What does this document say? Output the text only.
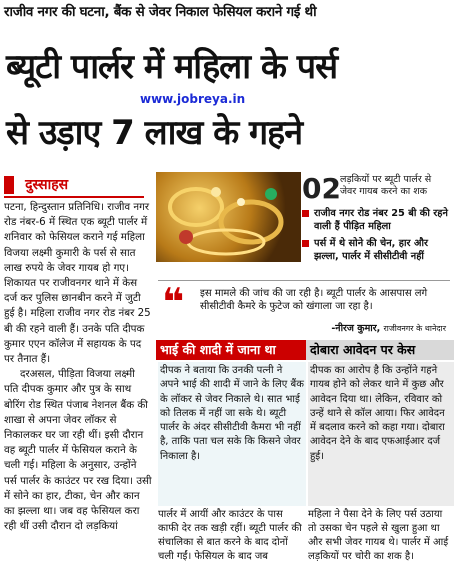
राजीव नगर की घटना, बैंक से जेवर निकाल फेसियल कराने गई थी
ब्यूटी पार्लर में महिला के पर्स
www.jobreya.in
से उड़ाए 7 लाख के गहने
दुस्साहस

पटना, हिन्दुस्तान प्रतिनिधि। राजीव नगर रोड नंबर-6 में स्थित एक ब्यूटी पार्लर में शनिवार को फेसियल कराने गई महिला विजया लक्ष्मी कुमारी के पर्स से सात लाख रुपये के जेवर गायब हो गए। शिकायत पर राजीवनगर थाने में केस दर्ज कर पुलिस छानबीन करने में जुटी हुई है। महिला राजीव नगर रोड नंबर 25 बी की रहने वाली हैं। उनके पति दीपक कुमार एएन कॉलेज में सहायक के पद पर तैनात हैं।

दरअसल, पीड़िता विजया लक्ष्मी पति दीपक कुमार और पुत्र के साथ बोरिंग रोड स्थित पंजाब नेशनल बैंक की शाखा से अपना जेवर लॉकर से निकालकर घर जा रही थीं। इसी दौरान वह ब्यूटी पार्लर में फेसियल कराने के चली गई। महिला के अनुसार, उन्होंने पर्स पार्लर के काउंटर पर रख दिया। उसी में सोने का हार, टीका, चेन और कान का झल्ला था। जब वह फेसियल करा रही थीं उसी दौरान दो लड़कियां

02 लड़कियों पर ब्यूटी पार्लर से जेवर गायब करने का शक
राजीव नगर रोड नंबर 25 बी की रहने वाली हैं पीड़ित महिला
पर्स में थे सोने की चेन, हार और झल्ला, पार्लर में सीसीटीवी नहीं
❝ इस मामले की जांच की जा रही है। ब्यूटी पार्लर के आसपास लगे सीसीटीवी कैमरे के फुटेज को खंगाला जा रहा है।
-नीरज कुमार, राजीवनगर के थानेदार
भाई की शादी में जाना था	दोबारा आवेदन पर केस
दीपक ने बताया कि उनकी पत्नी ने अपने भाई की शादी में जाने के लिए बैंक के लॉकर से जेवर निकाले थे। सात भाई को तिलक में नहीं जा सके थे। ब्यूटी पार्लर के अंदर सीसीटीवी कैमरा भी नहीं है, ताकि पता चल सके कि किसने जेवर निकाला है।
दीपक का आरोप है कि उन्होंने गहने गायब होने को लेकर थाने में कुछ और आवेदन दिया था। लेकिन, रविवार को उन्हें थाने से कॉल आया। फिर आवेदन में बदलाव करने को कहा गया। दोबारा आवेदन देने के बाद एफआईआर दर्ज हुई।
पार्लर में आयीं और काउंटर के पास काफी देर तक खड़ी रहीं। ब्यूटी पार्लर की संचालिका से बात करने के बाद दोनों चली गईं। फेसियल के बाद जब
महिला ने पैसा देने के लिए पर्स उठाया तो उसका चेन पहले से खुला हुआ था और सभी जेवर गायब थे। पार्लर में आई लड़कियों पर चोरी का शक है।
